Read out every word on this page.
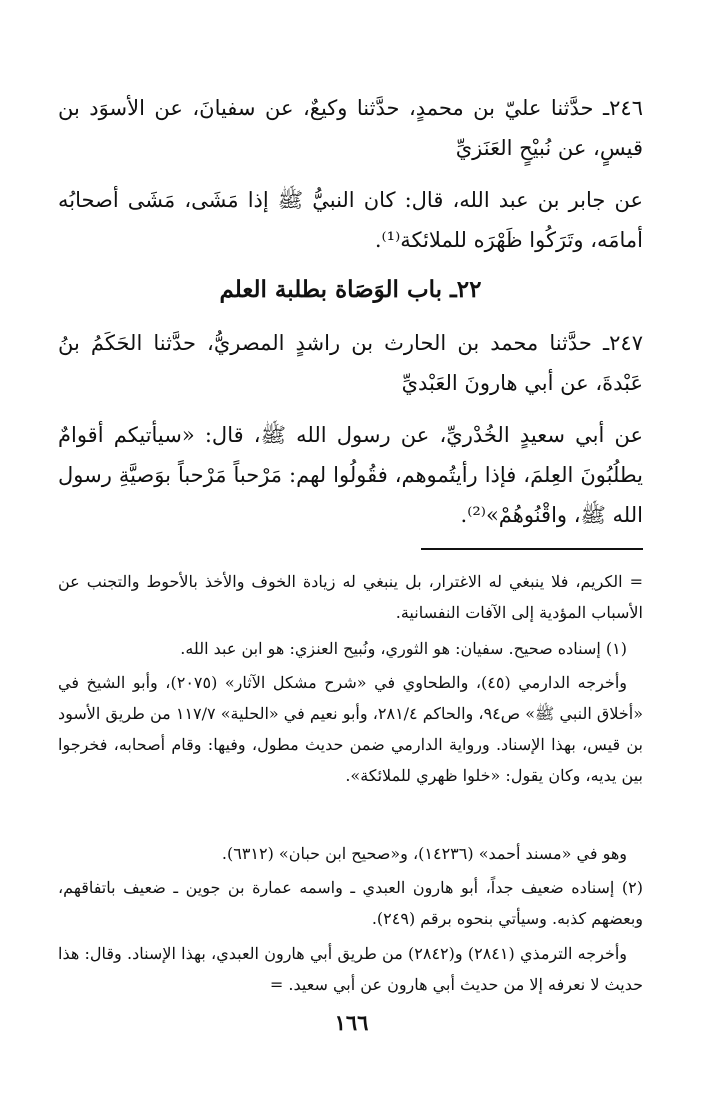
٢٤٦ـ حدَّثنا عليّ بن محمدٍ، حدَّثنا وكيعٌ، عن سفيانَ، عن الأسوَد بن قيسٍ، عن نُبيْحٍ العَنَزيِّ

عن جابر بن عبد الله، قال: كان النبيُّ ﷺ إذا مَشَى، مَشَى أصحابُه أمامَه، وتَرَكُوا ظَهْرَه للملائكة⁽¹⁾.

٢٢ـ باب الوَصَاة بطلبة العلم

٢٤٧ـ حدَّثنا محمد بن الحارث بن راشدٍ المصريُّ، حدَّثنا الحَكَمُ بنُ عَبْدةَ، عن أبي هارونَ العَبْديِّ

عن أبي سعيدٍ الخُدْريِّ، عن رسول الله ﷺ، قال: «سيأتيكم أقوامٌ يطلُبُونَ العِلمَ، فإذا رأيتُموهم، فقُولُوا لهم: مَرْحباً مَرْحباً بوَصيَّةِ رسول الله ﷺ، واقْنُوهُمْ»⁽²⁾.

= الكريم، فلا ينبغي له الاغترار، بل ينبغي له زيادة الخوف والأخذ بالأحوط والتجنب عن الأسباب المؤدية إلى الآفات النفسانية.

(١) إسناده صحيح. سفيان: هو الثوري، ونُبيح العنزي: هو ابن عبد الله.

وأخرجه الدارمي (٤٥)، والطحاوي في «شرح مشكل الآثار» (٢٠٧٥)، وأبو الشيخ في «أخلاق النبي ﷺ» ص٩٤، والحاكم ٢٨١/٤، وأبو نعيم في «الحلية» ١١٧/٧ من طريق الأسود بن قيس، بهذا الإسناد. ورواية الدارمي ضمن حديث مطول، وفيها: وقام أصحابه، فخرجوا بين يديه، وكان يقول: «خلوا ظهري للملائكة».

وهو في «مسند أحمد» (١٤٢٣٦)، و«صحيح ابن حبان» (٦٣١٢).

(٢) إسناده ضعيف جداً، أبو هارون العبدي ـ واسمه عمارة بن جوين ـ ضعيف باتفاقهم، وبعضهم كذبه. وسيأتي بنحوه برقم (٢٤٩).

وأخرجه الترمذي (٢٨٤١) و(٢٨٤٢) من طريق أبي هارون العبدي، بهذا الإسناد. وقال: هذا حديث لا نعرفه إلا من حديث أبي هارون عن أبي سعيد. =

١٦٦
